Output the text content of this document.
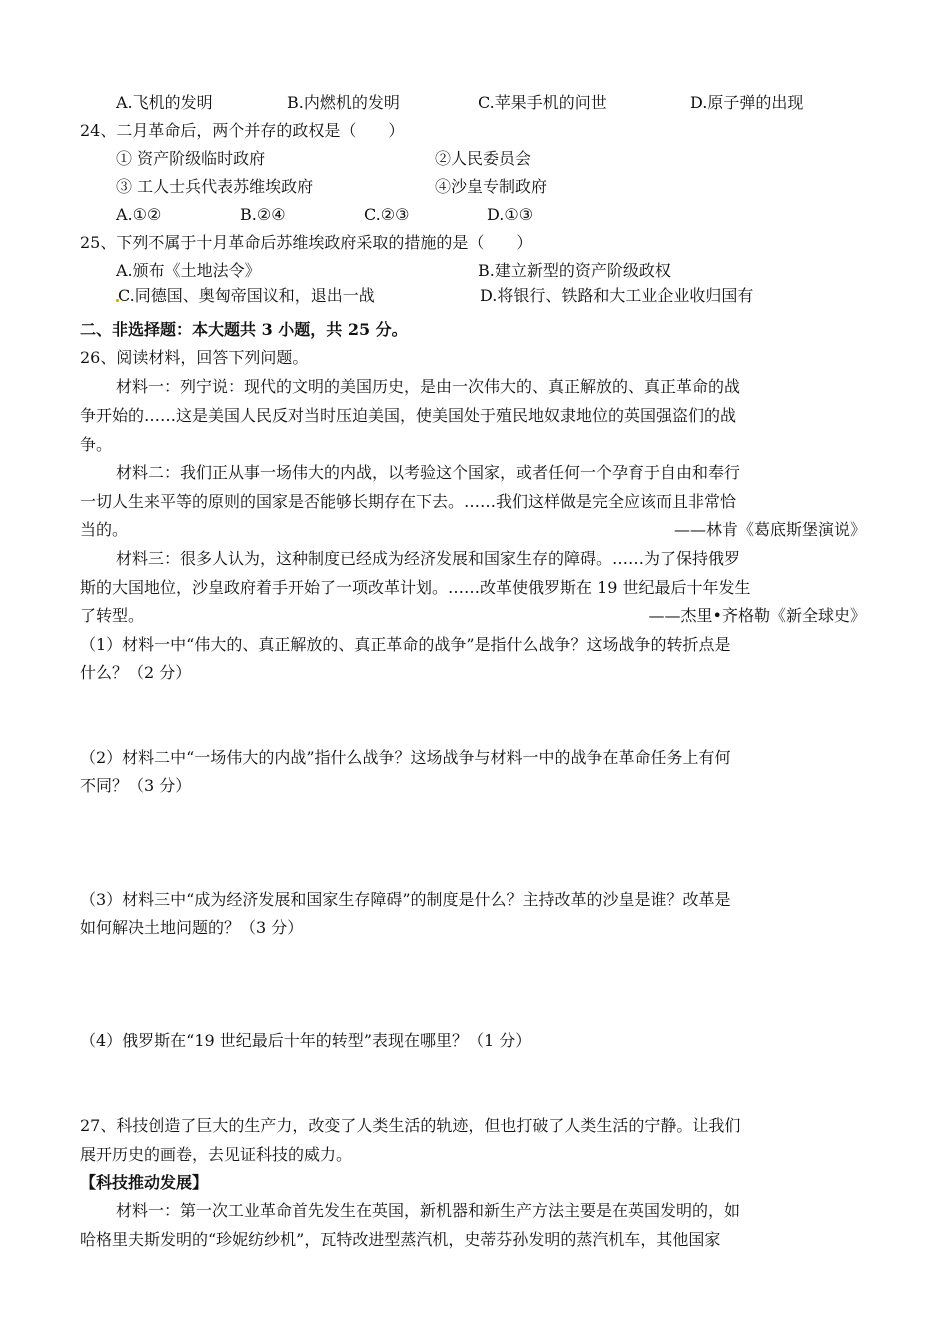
A.飞机的发明	B.内燃机的发明	C.苹果手机的问世	D.原子弹的出现
24、二月革命后，两个并存的政权是（　　）
① 资产阶级临时政府	②人民委员会
③ 工人士兵代表苏维埃政府	④沙皇专制政府
A.①②	B.②④	C.②③	D.①③
25、下列不属于十月革命后苏维埃政府采取的措施的是（　　）
A.颁布《土地法令》	B.建立新型的资产阶级政权
C.同德国、奥匈帝国议和，退出一战	D.将银行、铁路和大工业企业收归国有
二、非选择题：本大题共 3 小题，共 25 分。
26、阅读材料，回答下列问题。
材料一：列宁说：现代的文明的美国历史，是由一次伟大的、真正解放的、真正革命的战
争开始的……这是美国人民反对当时压迫美国，使美国处于殖民地奴隶地位的英国强盗们的战
争。
材料二：我们正从事一场伟大的内战，以考验这个国家，或者任何一个孕育于自由和奉行
一切人生来平等的原则的国家是否能够长期存在下去。……我们这样做是完全应该而且非常恰
当的。	——林肯《葛底斯堡演说》
材料三：很多人认为，这种制度已经成为经济发展和国家生存的障碍。……为了保持俄罗
斯的大国地位，沙皇政府着手开始了一项改革计划。……改革使俄罗斯在 19 世纪最后十年发生
了转型。	——杰里•齐格勒《新全球史》
（1）材料一中“伟大的、真正解放的、真正革命的战争”是指什么战争？这场战争的转折点是
什么？（2 分）
（2）材料二中“一场伟大的内战”指什么战争？这场战争与材料一中的战争在革命任务上有何
不同？（3 分）
（3）材料三中“成为经济发展和国家生存障碍”的制度是什么？主持改革的沙皇是谁？改革是
如何解决土地问题的？（3 分）
（4）俄罗斯在“19 世纪最后十年的转型”表现在哪里？（1 分）
27、科技创造了巨大的生产力，改变了人类生活的轨迹，但也打破了人类生活的宁静。让我们
展开历史的画卷，去见证科技的威力。
【科技推动发展】
材料一：第一次工业革命首先发生在英国，新机器和新生产方法主要是在英国发明的，如
哈格里夫斯发明的“珍妮纺纱机”，瓦特改进型蒸汽机，史蒂芬孙发明的蒸汽机车，其他国家
